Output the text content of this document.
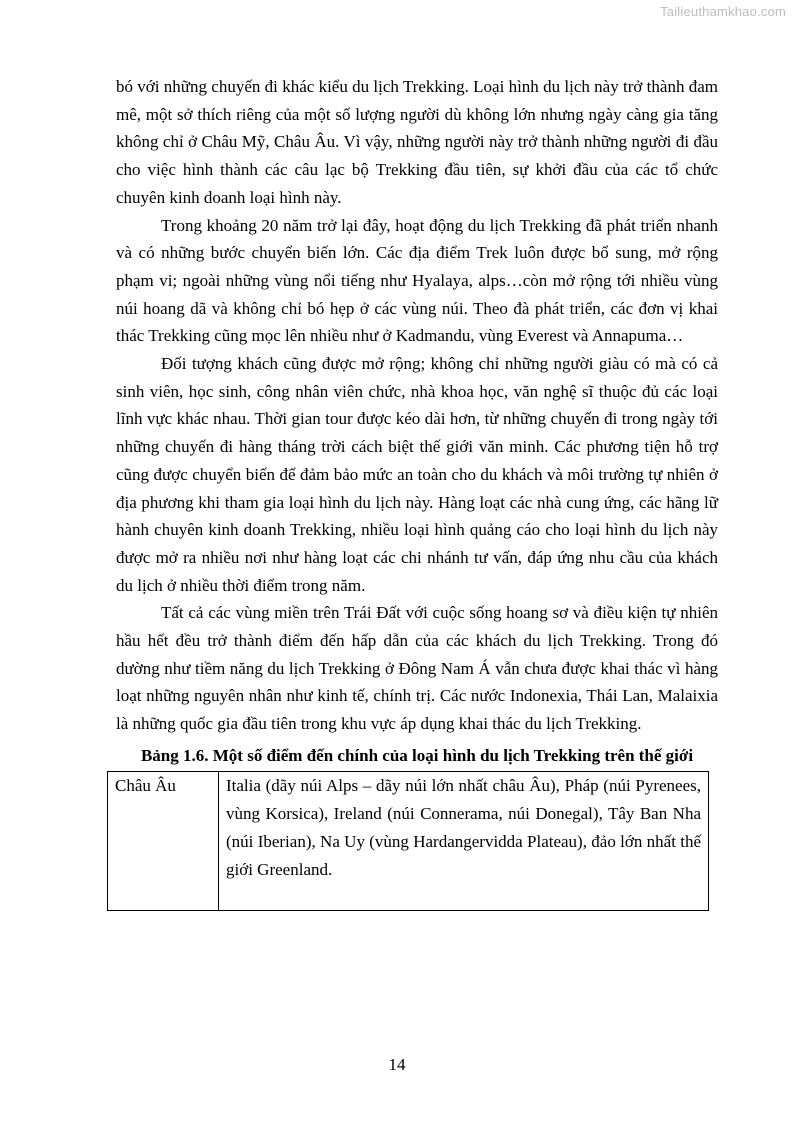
Tailieuthamkhao.com

bó với những chuyến đi khác kiểu du lịch Trekking. Loại hình du lịch này trở thành đam mê, một sở thích riêng của một số lượng người dù không lớn nhưng ngày càng gia tăng không chỉ ở Châu Mỹ, Châu Âu. Vì vậy, những người này trở thành những người đi đầu cho việc hình thành các câu lạc bộ Trekking đầu tiên, sự khởi đầu của các tổ chức chuyên kinh doanh loại hình này.

Trong khoảng 20 năm trở lại đây, hoạt động du lịch Trekking đã phát triển nhanh và có những bước chuyển biến lớn. Các địa điểm Trek luôn được bổ sung, mở rộng phạm vi; ngoài những vùng nổi tiếng như Hyalaya, alps…còn mở rộng tới nhiều vùng núi hoang dã và không chỉ bó hẹp ở các vùng núi. Theo đà phát triển, các đơn vị khai thác Trekking cũng mọc lên nhiều như ở Kadmandu, vùng Everest và Annapuma…

Đối tượng khách cũng được mở rộng; không chỉ những người giàu có mà có cả sinh viên, học sinh, công nhân viên chức, nhà khoa học, văn nghệ sĩ thuộc đủ các loại lĩnh vực khác nhau. Thời gian tour được kéo dài hơn, từ những chuyến đi trong ngày tới những chuyến đi hàng tháng trời cách biệt thế giới văn minh. Các phương tiện hỗ trợ cũng được chuyển biến để đảm bảo mức an toàn cho du khách và môi trường tự nhiên ở địa phương khi tham gia loại hình du lịch này. Hàng loạt các nhà cung ứng, các hãng lữ hành chuyên kinh doanh Trekking, nhiều loại hình quảng cáo cho loại hình du lịch này được mở ra nhiều nơi như hàng loạt các chi nhánh tư vấn, đáp ứng nhu cầu của khách du lịch ở nhiều thời điểm trong năm.

Tất cả các vùng miền trên Trái Đất với cuộc sống hoang sơ và điều kiện tự nhiên hầu hết đều trở thành điểm đến hấp dẫn của các khách du lịch Trekking. Trong đó dường như tiềm năng du lịch Trekking ở Đông Nam Á vẫn chưa được khai thác vì hàng loạt những nguyên nhân như kinh tế, chính trị. Các nước Indonexia, Thái Lan, Malaixia là những quốc gia đầu tiên trong khu vực áp dụng khai thác du lịch Trekking.

Bảng 1.6. Một số điểm đến chính của loại hình du lịch Trekking trên thế giới
Châu Âu	Italia (dãy núi Alps – dãy núi lớn nhất châu Âu), Pháp (núi Pyrenees, vùng Korsica), Ireland (núi Connerama, núi Donegal), Tây Ban Nha (núi Iberian), Na Uy (vùng Hardangervidda Plateau), đảo lớn nhất thế giới Greenland.
14
